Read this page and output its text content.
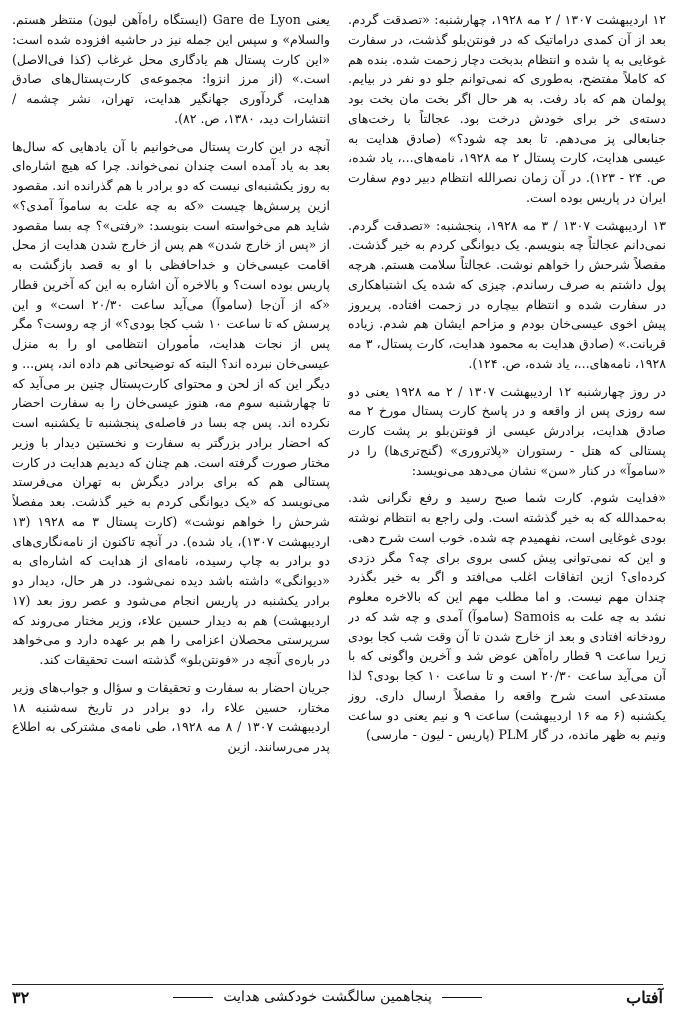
۱۲ اردیبهشت ۱۳۰۷ / ۲ مه ۱۹۲۸، چهارشنبه: «تصدقت گردم. بعد از آن کمدی دراماتیک که در فونتن‌بلو گذشت، در سفارت غوغایی به پا شده و انتظام بدبخت دچار زحمت شده. بنده هم که کاملاً مفتضح، به‌طوری که نمی‌توانم جلو دو نفر در بیایم. پولمان هم که باد رفت. به هر حال اگر بخت مان بخت بود دسته‌ی خر برای خودش درخت بود. عجالتاً با رخت‌های جنابعالی پز می‌دهم. تا بعد چه شود؟» (صادق هدایت به عیسی هدایت، کارت پستال ۲ مه ۱۹۲۸، نامه‌های...، یاد شده، ص. ۲۴ - ۱۲۳). در آن زمان نصرالله انتظام دبیر دوم سفارت ایران در پاریس بوده است.

۱۳ اردیبهشت ۱۳۰۷ / ۳ مه ۱۹۲۸، پنجشنبه: «تصدقت گردم. نمی‌دانم عجالتاً چه بنویسم. یک دیوانگی کردم به خیر گذشت. مفصلاً شرحش را خواهم نوشت. عجالتاً سلامت هستم. هرچه پول داشتم به صرف رساندم. چیزی که شده یک اشتباهکاری در سفارت شده و انتظام بیچاره در زحمت افتاده. پریروز پیش اخوی عیسی‌خان بودم و مزاحم ایشان هم شدم. زیاده قربانت.» (صادق هدایت به محمود هدایت، کارت پستال، ۳ مه ۱۹۲۸، نامه‌های...، یاد شده، ص. ۱۲۴).

در روز چهارشنبه ۱۲ اردیبهشت ۱۳۰۷ / ۲ مه ۱۹۲۸ یعنی دو سه روزی پس از واقعه و در پاسخ کارت پستال مورخ ۲ مه صادق هدایت، برادرش عیسی از فونتن‌بلو بر پشت کارت پستالی که هتل - رستوران «پلاتروری» (گنج‌تری‌ها) را در «ساموآ» در کنار «سن» نشان می‌دهد می‌نویسد:

«فدایت شوم. کارت شما صبح رسید و رفع نگرانی شد. به‌حمدالله که به خیر گذشته است. ولی راجع به انتظام نوشته بودی غوغایی است، نفهمیدم چه شده. خوب است شرح دهی. و این که نمی‌توانی پیش کسی بروی برای چه؟ مگر دزدی کرده‌ای؟ ازین اتفاقات اغلب می‌افتد و اگر به خیر بگذرد چندان مهم نیست. و اما مطلب مهم این که بالاخره معلوم نشد به چه علت به Samois (ساموآ) آمدی و چه شد که در رودخانه افتادی و بعد از خارج شدن تا آن وقت شب کجا بودی زیرا ساعت ۹ قطار راه‌آهن عوض شد و آخرین واگونی که با آن می‌آید ساعت ۲۰/۳۰ است و تا ساعت ۱۰ کجا بودی؟ لذا مستدعی است شرح واقعه را مفصلاً ارسال داری. روز یکشنبه (۶ مه ۱۶ اردیبهشت) ساعت ۹ و نیم یعنی دو ساعت ونیم به ظهر مانده، در گار PLM (پاریس - لیون - مارسی)

یعنی Gare de Lyon (ایستگاه راه‌آهن لیون) منتظر هستم. والسلام» و سپس این جمله نیز در حاشیه افزوده شده است: «این کارت پستال هم یادگاری محل غرغاب (کذا فی‌الاصل) است.» (از مرز انزوا: مجموعه‌ی کارت‌پستال‌های صادق هدایت، گردآوری جهانگیر هدایت، تهران، نشر چشمه / انتشارات دید، ۱۳۸۰، ص. ۸۲).

آنچه در این کارت پستال می‌خوانیم با آن یادهایی که سال‌ها بعد به یاد آمده است چندان نمی‌خواند. چرا که هیچ اشاره‌ای به روز یکشنبه‌ای نیست که دو برادر با هم گذرانده اند. مقصود ازین پرسش‌ها چیست «که به چه علت به ساموآ آمدی؟» شاید هم می‌خواسته است بنویسد: «رفتی»؟ چه بسا مقصود از «پس از خارج شدن» هم پس از خارج شدن هدایت از محل اقامت عیسی‌خان و خداحافظی با او به قصد بازگشت به پاریس بوده است؟ و بالاخره آن اشاره به این که آخرین قطار «که از آن‌جا (ساموآ) می‌آید ساعت ۲۰/۳۰ است» و این پرسش که تا ساعت ۱۰ شب کجا بودی؟» از چه روست؟ مگر پس از نجات هدایت، مأموران انتظامی او را به منزل عیسی‌خان نبرده اند؟ البته که توضیحاتی هم داده اند، پس... و دیگر این که از لحن و محتوای کارت‌پستال چنین بر می‌آید که تا چهارشنبه سوم مه، هنوز عیسی‌خان را به سفارت احضار نکرده اند. پس چه بسا در فاصله‌ی پنجشنبه تا یکشنبه است که احضار برادر بزرگتر به سفارت و نخستین دیدار با وزیر مختار صورت گرفته است. هم چنان که دیدیم هدایت در کارت پستالی هم که برای برادر دیگرش به تهران می‌فرستد می‌نویسد که «یک دیوانگی کردم به خیر گذشت. بعد مفصلاً شرحش را خواهم نوشت» (کارت پستال ۳ مه ۱۹۲۸ (۱۳ اردیبهشت ۱۳۰۷)، یاد شده). در آنچه تاکنون از نامه‌نگاری‌های دو برادر به چاپ رسیده، نامه‌ای از هدایت که اشاره‌ای به «دیوانگی» داشته باشد دیده نمی‌شود. در هر حال، دیدار دو برادر یکشنبه در پاریس انجام می‌شود و عصر روز بعد (۱۷ اردیبهشت) هم به دیدار حسین علاء، وزیر مختار می‌روند که سرپرستی محصلان اعزامی را هم بر عهده دارد و می‌خواهد در باره‌ی آنچه در «فونتن‌بلو» گذشته است تحقیقات کند.

جریان احضار به سفارت و تحقیقات و سؤال و جواب‌های وزیر مختار، حسین علاء را، دو برادر در تاریخ سه‌شنبه ۱۸ اردیبهشت ۱۳۰۷ / ۸ مه ۱۹۲۸، طی نامه‌ی مشترکی به اطلاع پدر می‌رسانند. ازین

آفتاب
پنجاهمین سالگشت خودکشی هدایت
۳۲
